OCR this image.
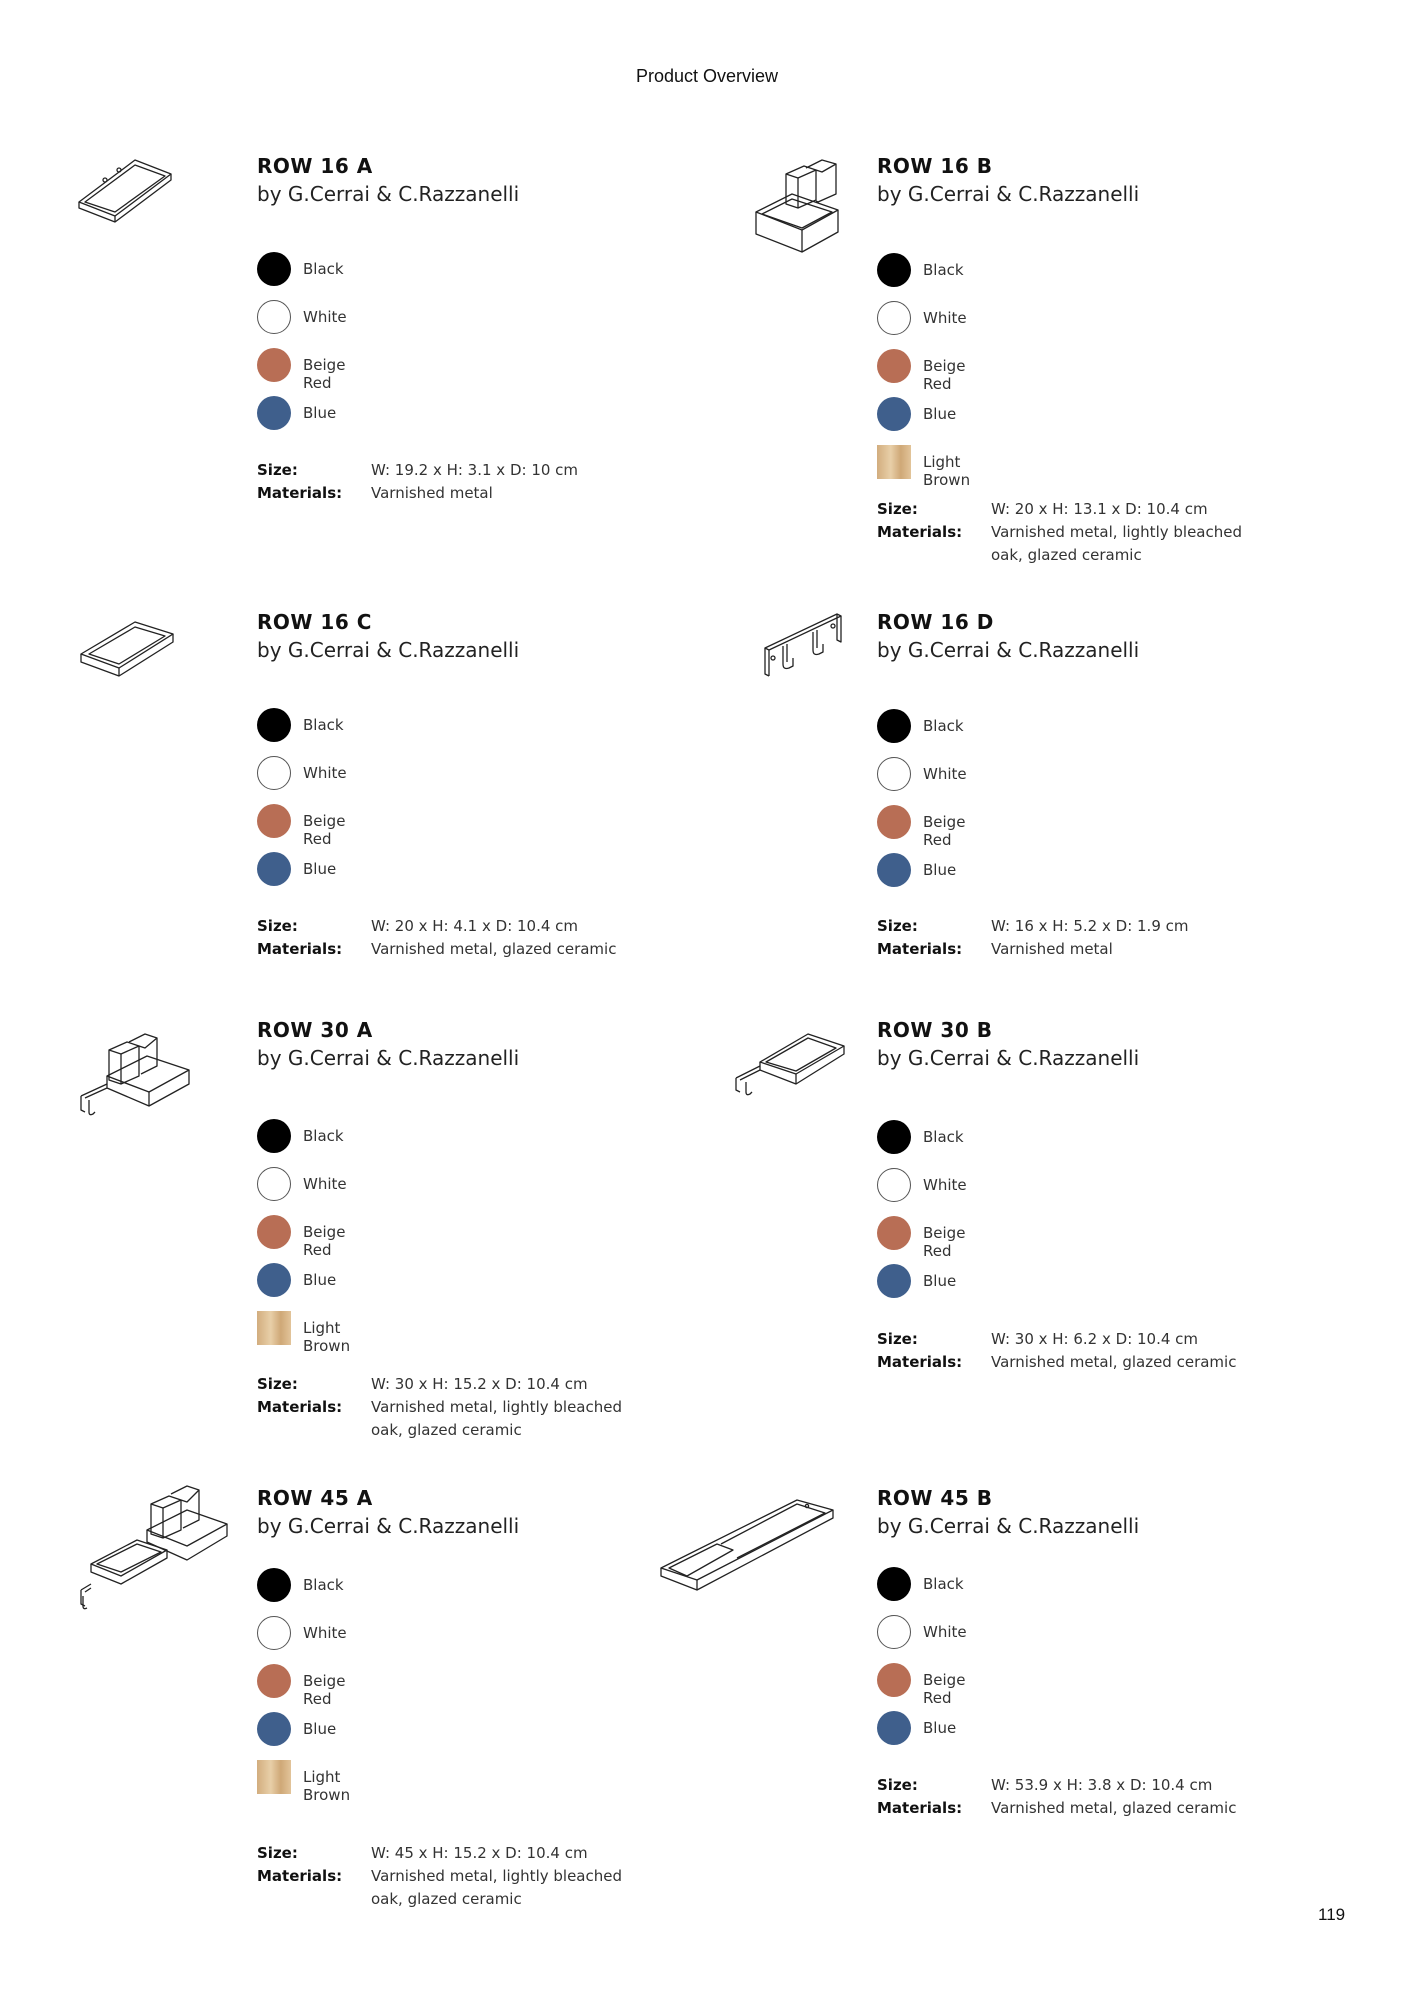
Product Overview
ROW 16 A
by G.Cerrai & C.Razzanelli
Black
White
Beige Red
Blue
Size:	W: 19.2 x H: 3.1 x D: 10 cm
Materials: Varnished metal
ROW 16 B
by G.Cerrai & C.Razzanelli
Black
White
Beige Red
Blue
Light Brown
Size:	W: 20 x H: 13.1 x D: 10.4 cm
Materials: Varnished metal, lightly bleached oak, glazed ceramic
ROW 16 C
by G.Cerrai & C.Razzanelli
Black
White
Beige Red
Blue
Size:	W: 20 x H: 4.1 x D: 10.4 cm
Materials: Varnished metal, glazed ceramic
ROW 16 D
by G.Cerrai & C.Razzanelli
Black
White
Beige Red
Blue
Size:	W: 16 x H: 5.2 x D: 1.9 cm
Materials: Varnished metal
ROW 30 A
by G.Cerrai & C.Razzanelli
Black
White
Beige Red
Blue
Light Brown
Size:	W: 30 x H: 15.2 x D: 10.4 cm
Materials: Varnished metal, lightly bleached oak, glazed ceramic
ROW 30 B
by G.Cerrai & C.Razzanelli
Black
White
Beige Red
Blue
Size:	W: 30 x H: 6.2 x D: 10.4 cm
Materials: Varnished metal, glazed ceramic
ROW 45 A
by G.Cerrai & C.Razzanelli
Black
White
Beige Red
Blue
Light Brown
Size:	W: 45 x H: 15.2 x D: 10.4 cm
Materials: Varnished metal, lightly bleached oak, glazed ceramic
ROW 45 B
by G.Cerrai & C.Razzanelli
Black
White
Beige Red
Blue
Size:	W: 53.9 x H: 3.8 x D: 10.4 cm
Materials: Varnished metal, glazed ceramic
119
